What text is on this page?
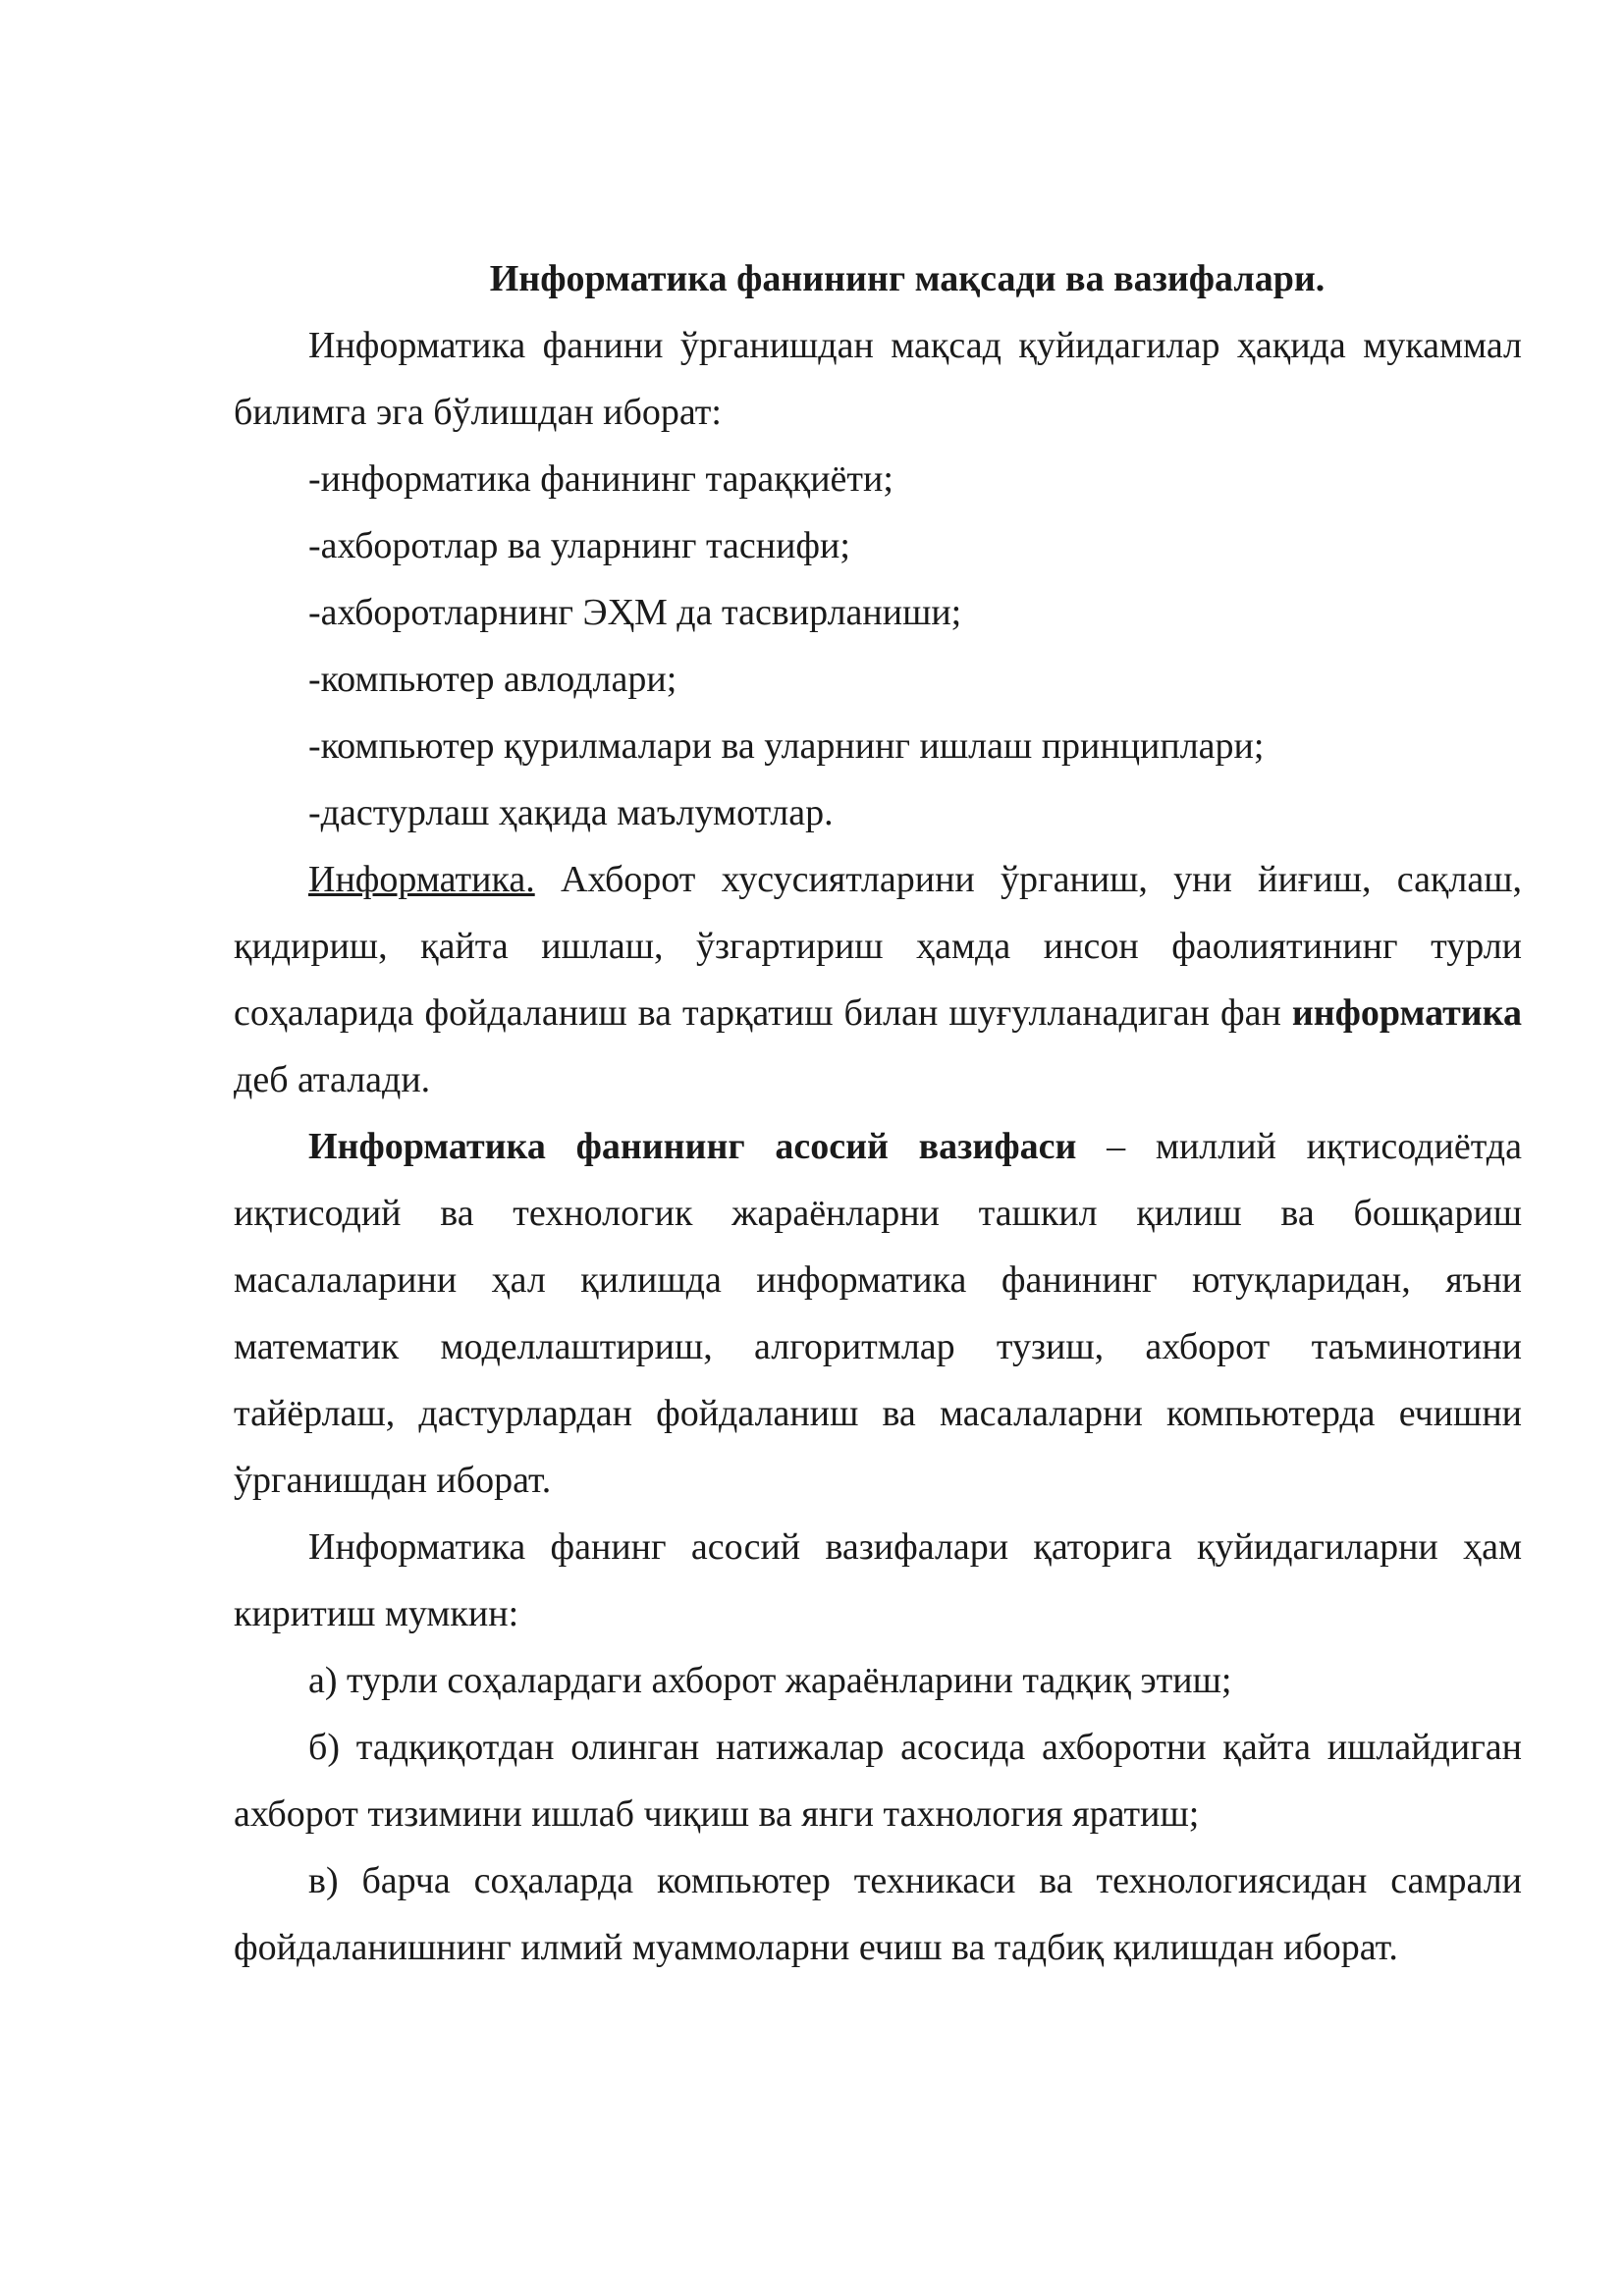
Информатика фанининг мақсади ва вазифалари.

Информатика фанини ўрганишдан мақсад қуйидагилар ҳақида мукаммал билимга эга бўлишдан иборат:

-информатика фанининг тараққиёти;

-ахборотлар ва уларнинг таснифи;

-ахборотларнинг ЭҲМ да тасвирланиши;

-компьютер авлодлари;

-компьютер қурилмалари ва уларнинг ишлаш принциплари;

-дастурлаш ҳақида маълумотлар.

Информатика. Ахборот хусусиятларини ўрганиш, уни йиғиш, сақлаш, қидириш, қайта ишлаш, ўзгартириш ҳамда инсон фаолиятининг турли соҳаларида фойдаланиш ва тарқатиш билан шуғулланадиган фан информатика деб аталади.

Информатика фанининг асосий вазифаси – миллий иқтисодиётда иқтисодий ва технологик жараёнларни ташкил қилиш ва бошқариш масалаларини ҳал қилишда информатика фанининг ютуқларидан, яъни математик моделлаштириш, алгоритмлар тузиш, ахборот таъминотини тайёрлаш, дастурлардан фойдаланиш ва масалаларни компьютерда ечишни ўрганишдан иборат.

Информатика фанинг асосий вазифалари қаторига қуйидагиларни ҳам киритиш мумкин:

а) турли соҳалардаги ахборот жараёнларини тадқиқ этиш;

б) тадқиқотдан олинган натижалар асосида ахборотни қайта ишлайдиган ахборот тизимини ишлаб чиқиш ва янги тахнология яратиш;

в) барча соҳаларда компьютер техникаси ва технологиясидан самрали фойдаланишнинг илмий муаммоларни ечиш ва тадбиқ қилишдан иборат.
